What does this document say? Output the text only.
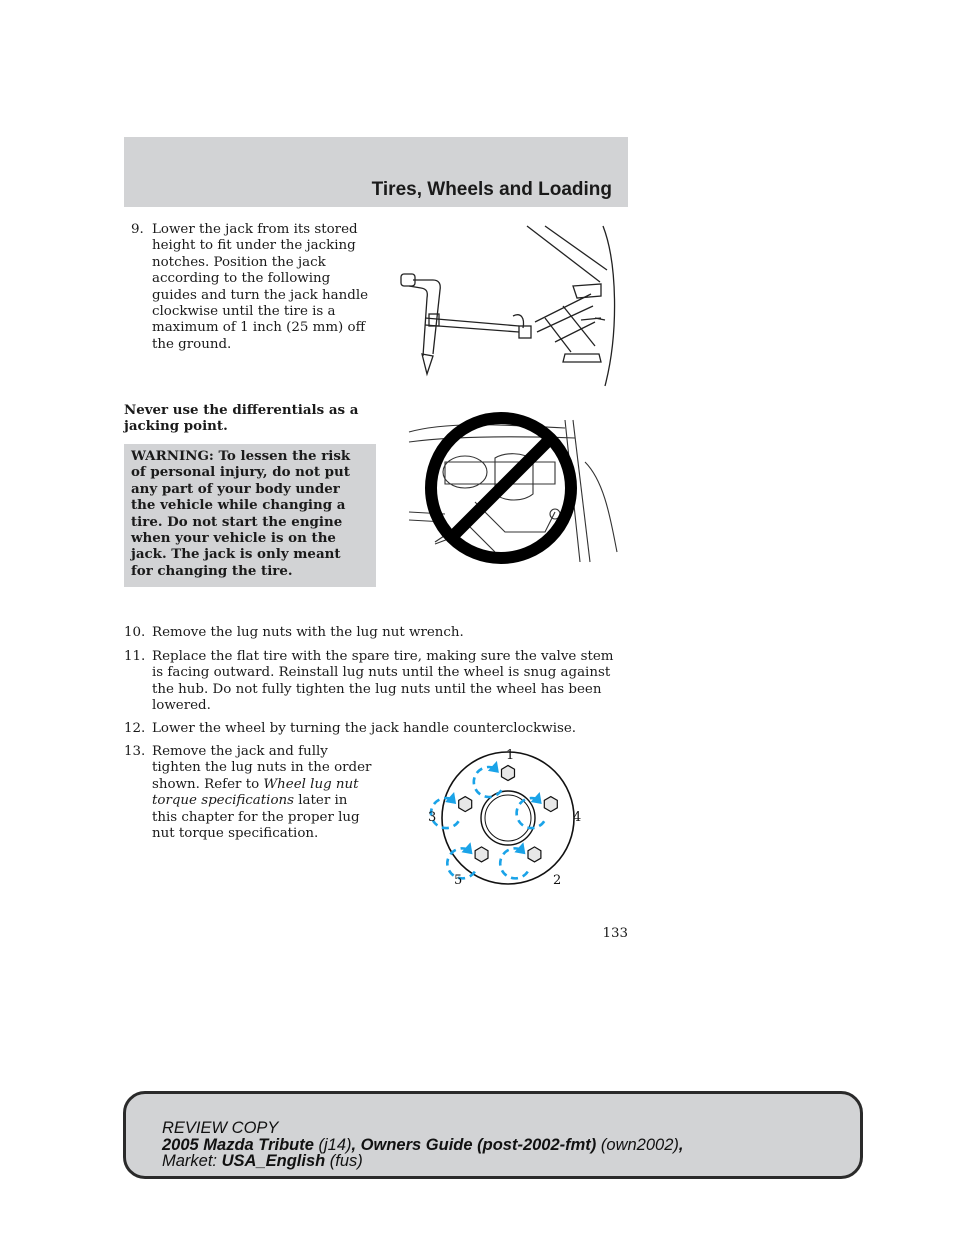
Tires, Wheels and Loading
9. Lower the jack from its stored
height to fit under the jacking
notches. Position the jack
according to the following
guides and turn the jack handle
clockwise until the tire is a
maximum of 1 inch (25 mm) off
the ground.
Never use the differentials as a
jacking point.
WARNING: To lessen the risk
of personal injury, do not put
any part of your body under
the vehicle while changing a
tire. Do not start the engine
when your vehicle is on the
jack. The jack is only meant
for changing the tire.
10. Remove the lug nuts with the lug nut wrench.
11. Replace the flat tire with the spare tire, making sure the valve stem
is facing outward. Reinstall lug nuts until the wheel is snug against
the hub. Do not fully tighten the lug nuts until the wheel has been
lowered.
12. Lower the wheel by turning the jack handle counterclockwise.
13. Remove the jack and fully
tighten the lug nuts in the order
shown. Refer to Wheel lug nut
torque specifications later in
this chapter for the proper lug
nut torque specification.
1
2
3	4
5
133
REVIEW COPY
2005 Mazda Tribute (j14), Owners Guide (post-2002-fmt) (own2002),
Market: USA_English (fus)
